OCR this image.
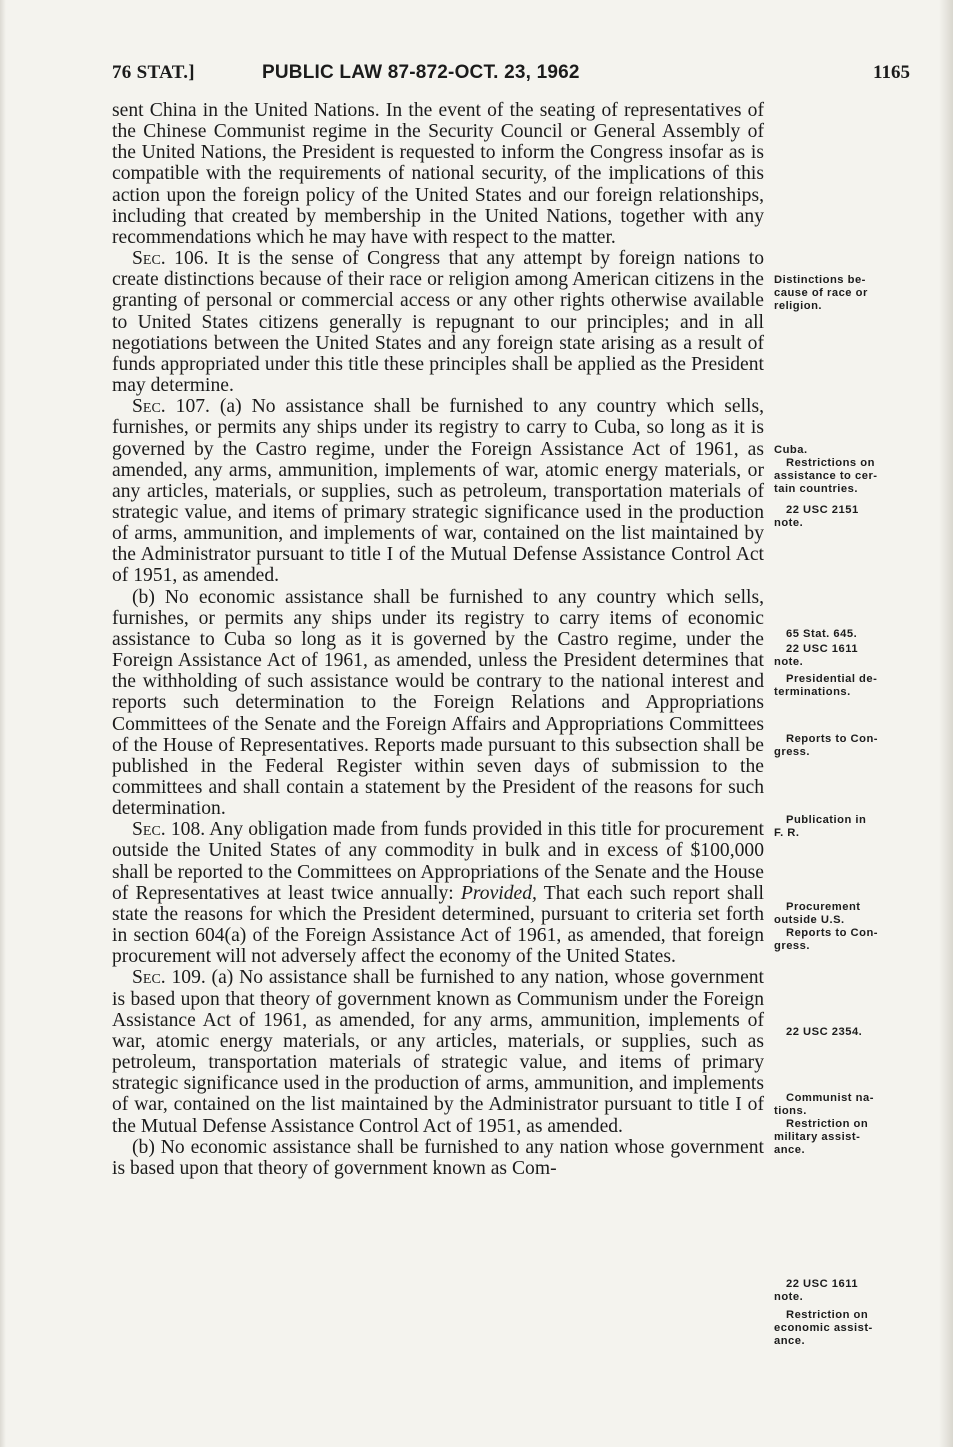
76 STAT.]	PUBLIC LAW 87-872-OCT. 23, 1962	1165

sent China in the United Nations. In the event of the seating of representatives of the Chinese Communist regime in the Security Council or General Assembly of the United Nations, the President is requested to inform the Congress insofar as is compatible with the requirements of national security, of the implications of this action upon the foreign policy of the United States and our foreign relationships, including that created by membership in the United Nations, together with any recommendations which he may have with respect to the matter.

Sec. 106. It is the sense of Congress that any attempt by foreign nations to create distinctions because of their race or religion among American citizens in the granting of personal or commercial access or any other rights otherwise available to United States citizens generally is repugnant to our principles; and in all negotiations between the United States and any foreign state arising as a result of funds appropriated under this title these principles shall be applied as the President may determine.

Sec. 107. (a) No assistance shall be furnished to any country which sells, furnishes, or permits any ships under its registry to carry to Cuba, so long as it is governed by the Castro regime, under the Foreign Assistance Act of 1961, as amended, any arms, ammunition, implements of war, atomic energy materials, or any articles, materials, or supplies, such as petroleum, transportation materials of strategic value, and items of primary strategic significance used in the production of arms, ammunition, and implements of war, contained on the list maintained by the Administrator pursuant to title I of the Mutual Defense Assistance Control Act of 1951, as amended.

(b) No economic assistance shall be furnished to any country which sells, furnishes, or permits any ships under its registry to carry items of economic assistance to Cuba so long as it is governed by the Castro regime, under the Foreign Assistance Act of 1961, as amended, unless the President determines that the withholding of such assistance would be contrary to the national interest and reports such determination to the Foreign Relations and Appropriations Committees of the Senate and the Foreign Affairs and Appropriations Committees of the House of Representatives. Reports made pursuant to this subsection shall be published in the Federal Register within seven days of submission to the committees and shall contain a statement by the President of the reasons for such determination.

Sec. 108. Any obligation made from funds provided in this title for procurement outside the United States of any commodity in bulk and in excess of $100,000 shall be reported to the Committees on Appropriations of the Senate and the House of Representatives at least twice annually: Provided, That each such report shall state the reasons for which the President determined, pursuant to criteria set forth in section 604(a) of the Foreign Assistance Act of 1961, as amended, that foreign procurement will not adversely affect the economy of the United States.

Sec. 109. (a) No assistance shall be furnished to any nation, whose government is based upon that theory of government known as Communism under the Foreign Assistance Act of 1961, as amended, for any arms, ammunition, implements of war, atomic energy materials, or any articles, materials, or supplies, such as petroleum, transportation materials of strategic value, and items of primary strategic significance used in the production of arms, ammunition, and implements of war, contained on the list maintained by the Administrator pursuant to title I of the Mutual Defense Assistance Control Act of 1951, as amended.

(b) No economic assistance shall be furnished to any nation whose government is based upon that theory of government known as Com-

Distinctions be-
cause of race or
religion.
Cuba.
Restrictions on
assistance to cer-
tain countries.
22 USC 2151
note.
65 Stat. 645.
22 USC 1611
note.
Presidential de-
terminations.
Reports to Con-
gress.
Publication in
F. R.
Procurement
outside U.S.
Reports to Con-
gress.
22 USC 2354.
Communist na-
tions.
Restriction on
military assist-
ance.
22 USC 1611
note.
Restriction on
economic assist-
ance.
